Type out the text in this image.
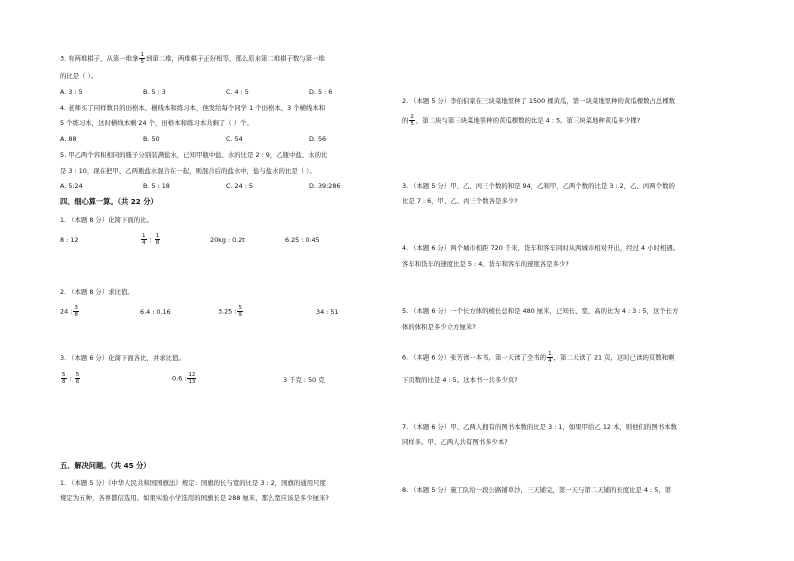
3. 有两堆棋子，从第一堆拿 $\frac{1}{5}$ 到第二堆，两堆棋子正好相等，那么原来第二堆棋子数与第一堆
的比是（ ）。
A. 3 : 5	B. 5 : 3	C. 4 : 5	D. 5 : 6
4. 老师买了同样数目的田格本、横线本和练习本，他发给每个同学 1 个田格本、3 个横线本和
5 个练习本，这时横线本剩 24 个，田格本和练习本共剩了（ ）个。
A. 88	B. 50	C. 54	D. 56
5. 甲乙两个容积相同的瓶子分别装满盐水，已知甲瓶中盐、水的比是 2 : 9，乙瓶中盐、水的比
是 3 : 10，现在把甲、乙两瓶盐水混合在一起，则混合后的盐水中，盐与盐水的比是（ ）。
A. 5:24	B. 5 : 18	C. 24 : 5	D. 39:286
四、细心算一算。（共 22 分）
1. （本题 8 分）化简下面的比。
8 : 12	$\frac{1}{4}$ : $\frac{1}{8}$	20kg : 0.2t	6.25 : 0.45
2. （本题 8 分）求比值。
24 : $\frac{3}{8}$	6.4 : 0.16	3.25 : $\frac{5}{9}$	34 : 51
3. （本题 6 分）化简下面各比，并求比值。
$\frac{5}{8}$ : $\frac{5}{6}$	0.6 : $\frac{12}{13}$	3 千克 : 50 克
五、解决问题。（共 45 分）
1. （本题 5 分）《中华人民共和国国旗法》规定：国旗的长与宽的比是 3 : 2，国旗的通用尺度
规定为五种，各界都信选用。如果实验小学选用的国旗长是 288 厘米，那么宽应该是多少厘米?
2. （本题 5 分）李伯伯家在三块菜地里种了 1500 棵黄瓜，第一块菜地里种的黄瓜棵数占总棵数
的 $\frac{2}{5}$ ，第二块与第三块菜地里种的黄瓜棵数的比是 4 : 5。第三块菜地种黄瓜多少棵?
3. （本题 5 分）甲、乙、丙三个数的和是 94，乙和甲，乙两个数的比是 3 : 2，乙、丙两个数的
比是 7 : 6，甲、乙、丙三个数各是多少?
4. （本题 6 分）两个城市相距 720 千米，货车和客车同时从两城市相对开出，经过 4 小时相遇。
客车和货车的速度比是 5 : 4。货车和客车的速度各是多少?
5. （本题 6 分）一个长方体的棱长总和是 480 厘米，已知长、宽、高的比为 4 : 3 : 5，这个长方
体的体积是多少立方厘米?
6. （本题 6 分）张芳读一本书，第一天读了全书的 $\frac{1}{4}$ ，第二天读了 21 页，这时已读的页数和剩
下页数的比是 4 : 5。这本书一共多少页?
7. （本题 6 分）甲、乙两人拥有的图书本数的比是 3 : 1，如果甲给乙 12 本，则他们的图书本数
同样多。甲、乙两人共有图书多少本?
8. （本题 5 分）施工队给一段公路铺草沙，三天铺完，第一天与第二天铺的长度比是 4 : 5，第
